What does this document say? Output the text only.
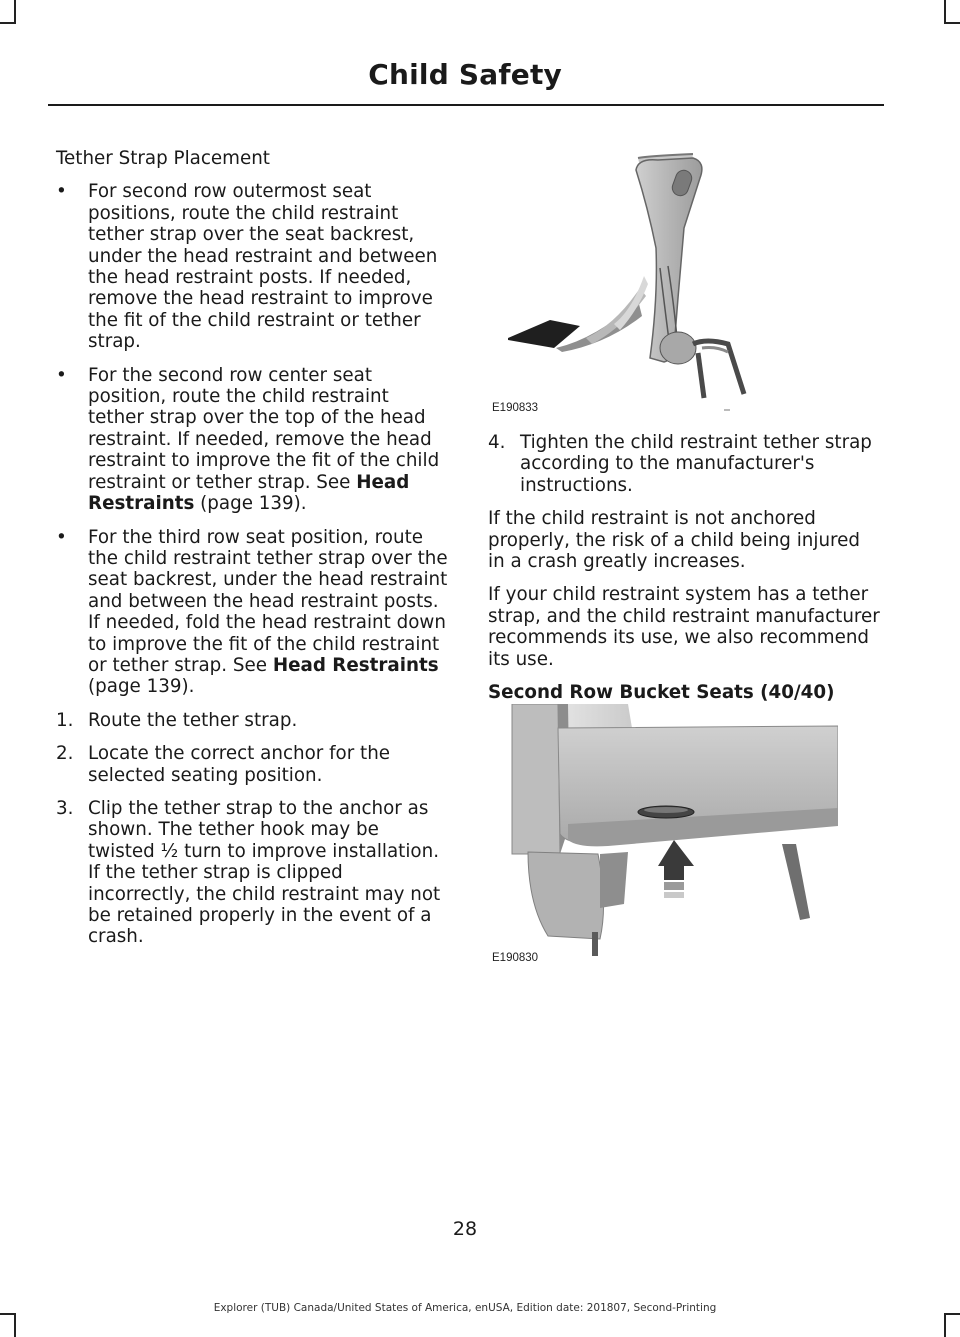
Child Safety

Tether Strap Placement

• For second row outermost seat positions, route the child restraint tether strap over the seat backrest, under the head restraint and between the head restraint posts. If needed, remove the head restraint to improve the fit of the child restraint or tether strap.
• For the second row center seat position, route the child restraint tether strap over the top of the head restraint. If needed, remove the head restraint to improve the fit of the child restraint or tether strap. See Head Restraints (page 139).
• For the third row seat position, route the child restraint tether strap over the seat backrest, under the head restraint and between the head restraint posts. If needed, fold the head restraint down to improve the fit of the child restraint or tether strap. See Head Restraints (page 139).
1. Route the tether strap.
2. Locate the correct anchor for the selected seating position.
3. Clip the tether strap to the anchor as shown. The tether hook may be twisted ½ turn to improve installation. If the tether strap is clipped incorrectly, the child restraint may not be retained properly in the event of a crash.
E190833
4. Tighten the child restraint tether strap according to the manufacturer's instructions.

If the child restraint is not anchored properly, the risk of a child being injured in a crash greatly increases.

If your child restraint system has a tether strap, and the child restraint manufacturer recommends its use, we also recommend its use.

Second Row Bucket Seats (40/40)
E190830
28
Explorer (TUB) Canada/United States of America, enUSA, Edition date: 201807, Second-Printing
